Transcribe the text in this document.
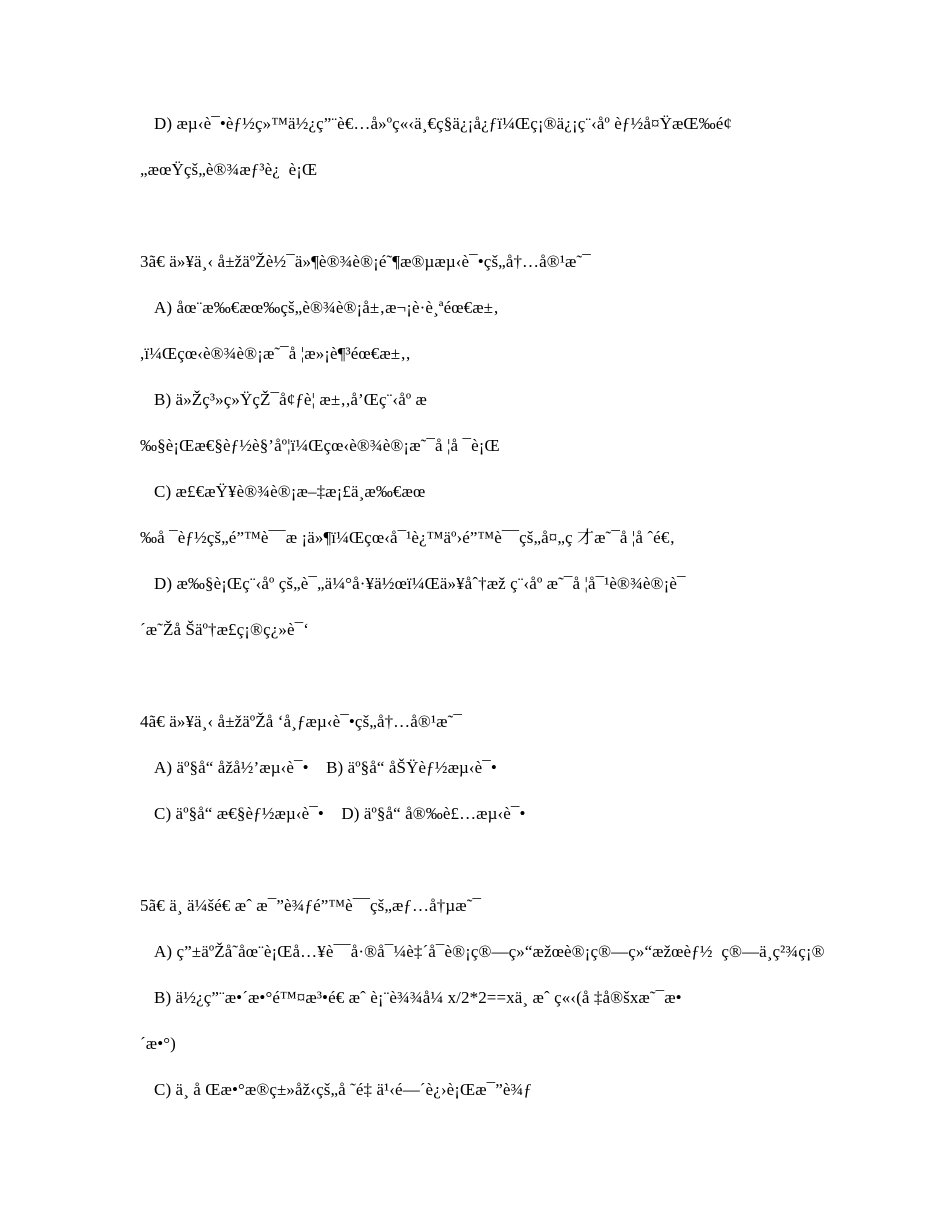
D) æµ‹è¯•èƒ½ç»™ä½¿ç”¨è€…å»ºç«‹ä¸€ç§ä¿¡å¿ƒï¼Œç¡®ä¿¡ç¨‹åº èƒ½å¤ŸæŒ‰é¢
„æœŸçš„è®¾æƒ³è¿  è¡Œ
3ã€ ä»¥ä¸‹ å±žäºŽè½¯ä»¶è®¾è®¡é˜¶æ®µæµ‹è¯•çš„å†…å®¹æ˜¯
A) åœ¨æ‰€æœ‰çš„è®¾è®¡å±‚æ¬¡è·è¸ªéœ€æ±‚
,ï¼Œçœ‹è®¾è®¡æ˜¯å ¦æ»¡è¶³éœ€æ±‚,
B) ä»Žç³»ç»ŸçŽ¯å¢ƒè¦ æ±‚,å’Œç¨‹åº æ
‰§è¡Œæ€§èƒ½è§’åº¦ï¼Œçœ‹è®¾è®¡æ˜¯å ¦å ¯è¡Œ
C) æ£€æŸ¥è®¾è®¡æ–‡æ¡£ä¸æ‰€æœ
‰å ¯èƒ½çš„é”™è¯¯æ ¡ä»¶ï¼Œçœ‹å¯¹è¿™äº›é”™è¯¯çš„å¤„ç 才æ˜¯å ¦å ˆé€‚
D) æ‰§è¡Œç¨‹åº çš„è¯„ä¼°å·¥ä½œï¼Œä»¥åˆ†æž ç¨‹åº æ˜¯å ¦å¯¹è®¾è®¡è¯
´æ˜Žå Šäº†æ£ç¡®ç¿»è¯‘
4ã€ ä»¥ä¸‹ å±žäºŽå ‘å¸ƒæµ‹è¯•çš„å†…å®¹æ˜¯
A) äº§å“ åžå½’æµ‹è¯•    B) äº§å“ åŠŸèƒ½æµ‹è¯•
C) äº§å“ æ€§èƒ½æµ‹è¯•    D) äº§å“ å®‰è£…æµ‹è¯•
5ã€ ä¸ ä¼šé€ æˆ æ¯”è¾ƒé”™è¯¯çš„æƒ…å†µæ˜¯
A) ç”±äºŽå˜åœ¨è¡Œå…¥è¯¯å·®å¯¼è‡´å¯è®¡ç®—ç»“æžœè®¡ç®—ç»“æžœèƒ½  ç®—ä¸ç²¾ç¡®
B) ä½¿ç”¨æ•´æ•°é™¤æ³•é€ æˆ è¡¨è¾¾å¼ x/2*2==xä¸ æˆ ç«‹(å ‡å®šxæ˜¯æ•
´æ•°)
C) ä¸ å Œæ•°æ®ç±»åž‹çš„å ˜é‡ ä¹‹é—´è¿›è¡Œæ¯”è¾ƒ
